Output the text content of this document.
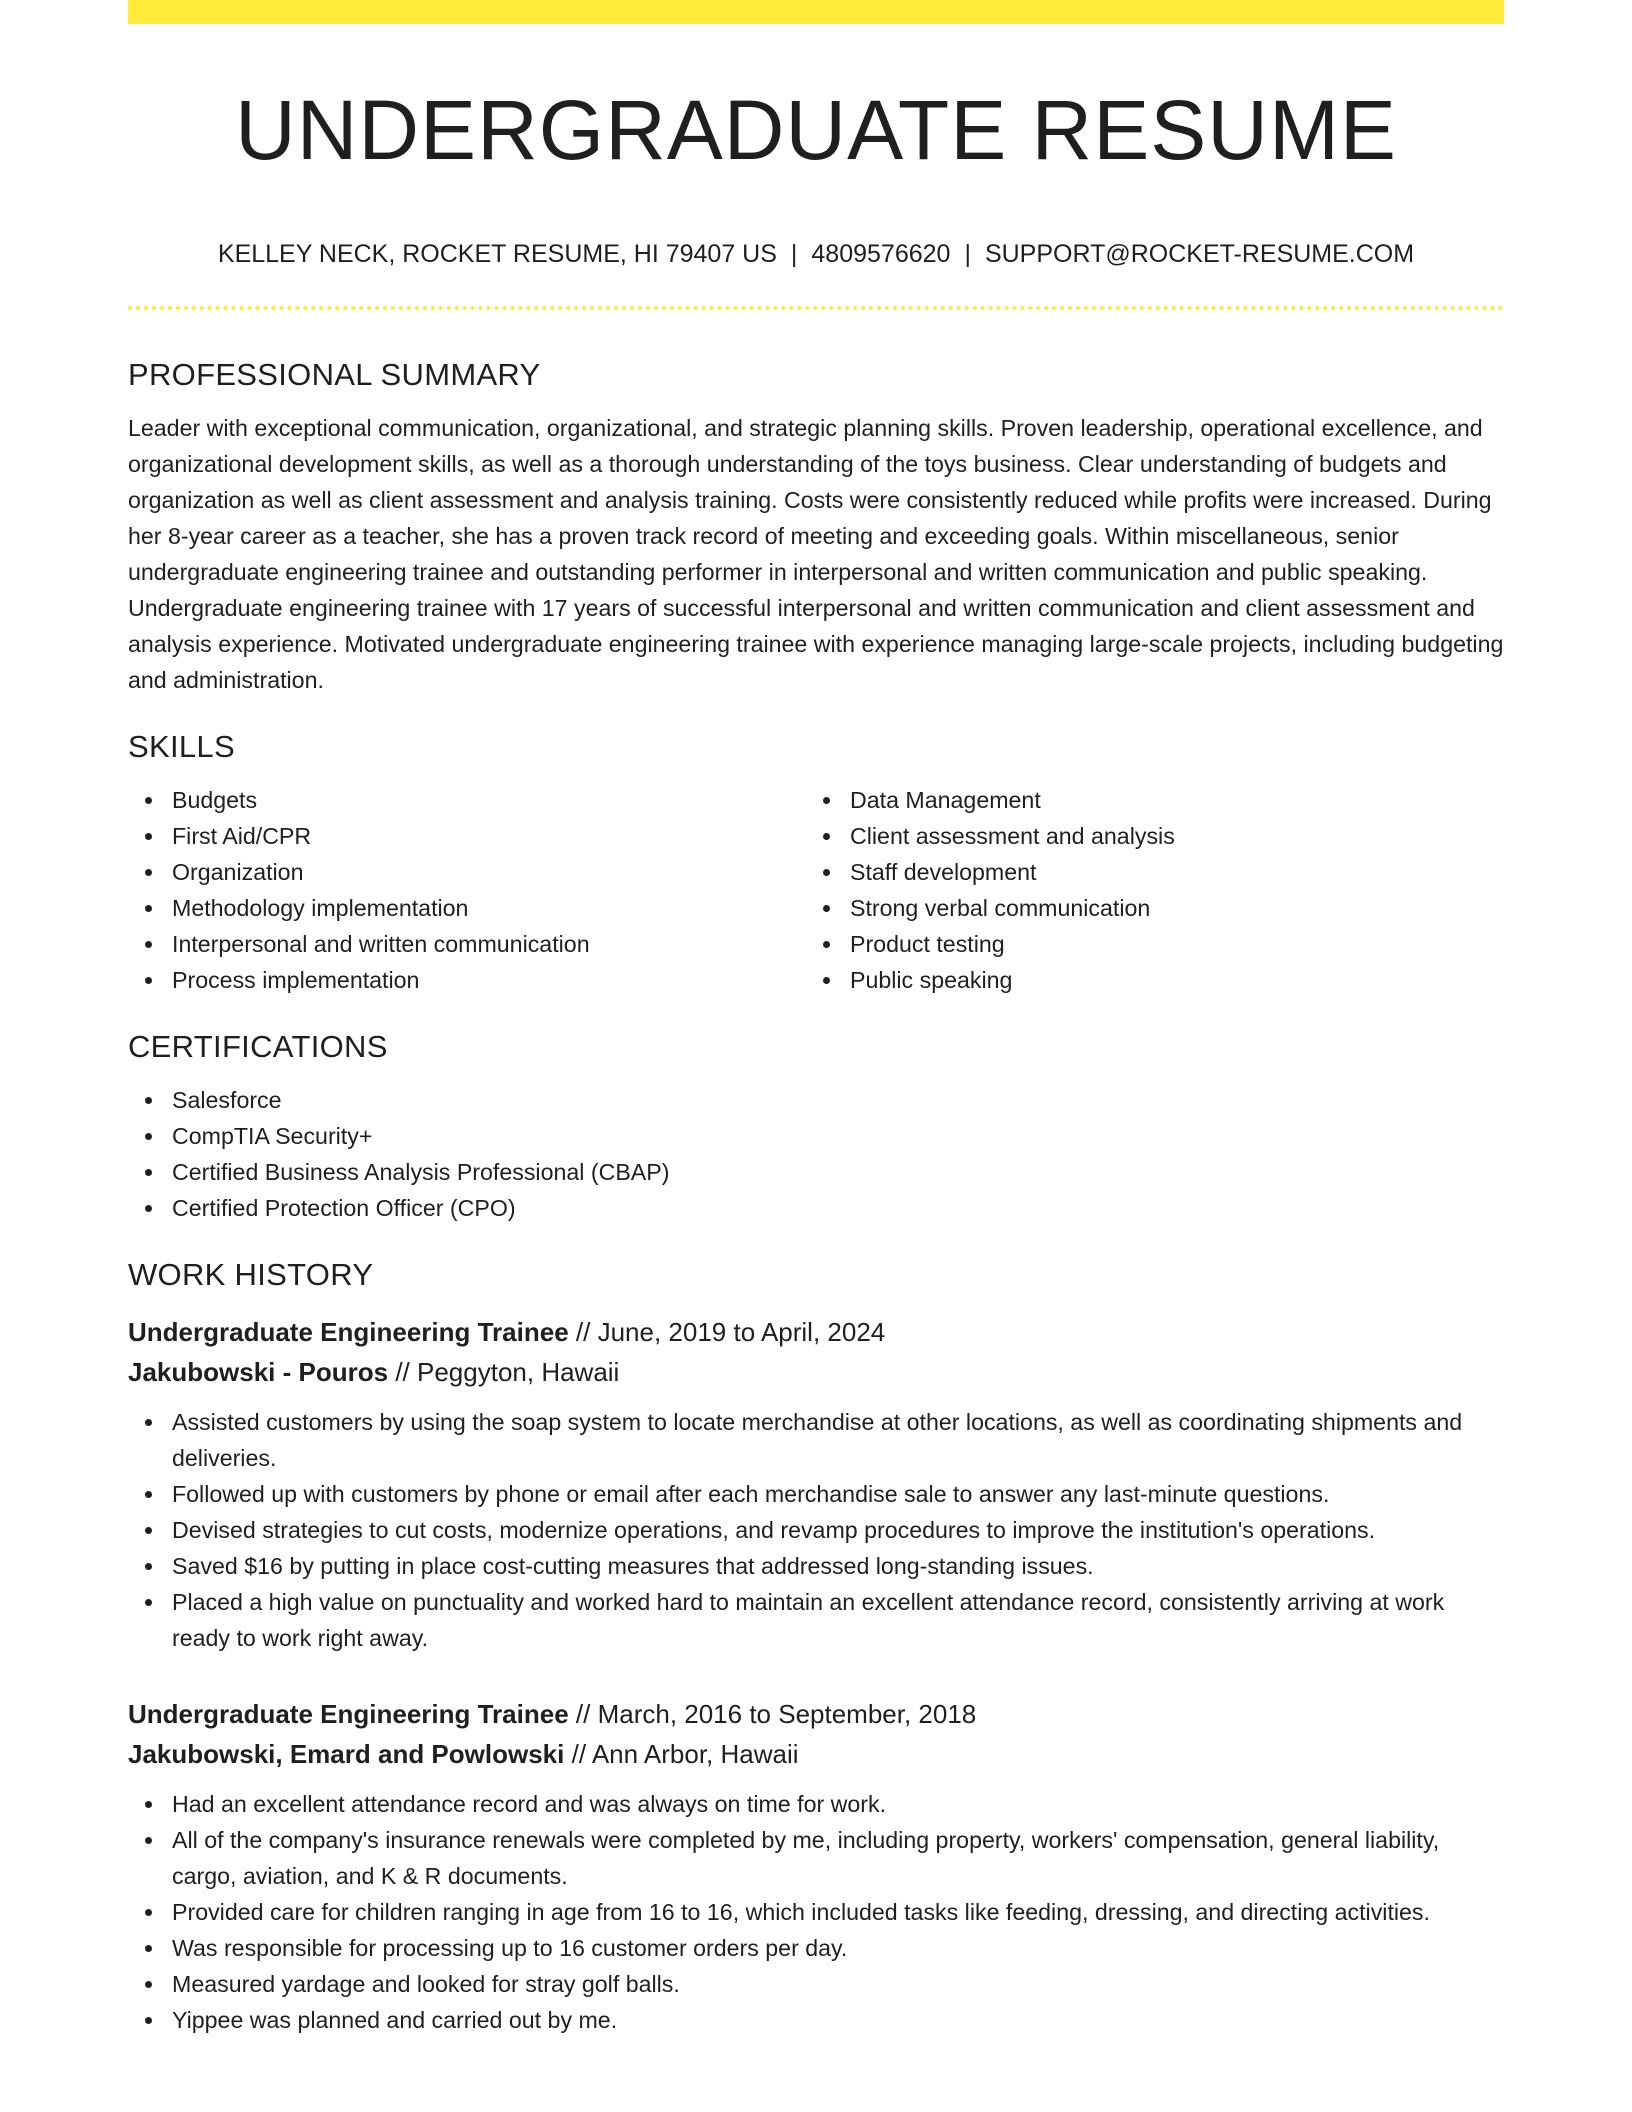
UNDERGRADUATE RESUME
KELLEY NECK, ROCKET RESUME, HI 79407 US | 4809576620 | SUPPORT@ROCKET-RESUME.COM
PROFESSIONAL SUMMARY

Leader with exceptional communication, organizational, and strategic planning skills. Proven leadership, operational excellence, and organizational development skills, as well as a thorough understanding of the toys business. Clear understanding of budgets and organization as well as client assessment and analysis training. Costs were consistently reduced while profits were increased. During her 8-year career as a teacher, she has a proven track record of meeting and exceeding goals. Within miscellaneous, senior undergraduate engineering trainee and outstanding performer in interpersonal and written communication and public speaking. Undergraduate engineering trainee with 17 years of successful interpersonal and written communication and client assessment and analysis experience. Motivated undergraduate engineering trainee with experience managing large-scale projects, including budgeting and administration.

SKILLS
Budgets
First Aid/CPR
Organization
Methodology implementation
Interpersonal and written communication
Process implementation
Data Management
Client assessment and analysis
Staff development
Strong verbal communication
Product testing
Public speaking
CERTIFICATIONS
Salesforce
CompTIA Security+
Certified Business Analysis Professional (CBAP)
Certified Protection Officer (CPO)
WORK HISTORY
Undergraduate Engineering Trainee // June, 2019 to April, 2024
Jakubowski - Pouros // Peggyton, Hawaii
Assisted customers by using the soap system to locate merchandise at other locations, as well as coordinating shipments and deliveries.
Followed up with customers by phone or email after each merchandise sale to answer any last-minute questions.
Devised strategies to cut costs, modernize operations, and revamp procedures to improve the institution's operations.
Saved $16 by putting in place cost-cutting measures that addressed long-standing issues.
Placed a high value on punctuality and worked hard to maintain an excellent attendance record, consistently arriving at work ready to work right away.
Undergraduate Engineering Trainee // March, 2016 to September, 2018
Jakubowski, Emard and Powlowski // Ann Arbor, Hawaii
Had an excellent attendance record and was always on time for work.
All of the company's insurance renewals were completed by me, including property, workers' compensation, general liability, cargo, aviation, and K & R documents.
Provided care for children ranging in age from 16 to 16, which included tasks like feeding, dressing, and directing activities.
Was responsible for processing up to 16 customer orders per day.
Measured yardage and looked for stray golf balls.
Yippee was planned and carried out by me.
